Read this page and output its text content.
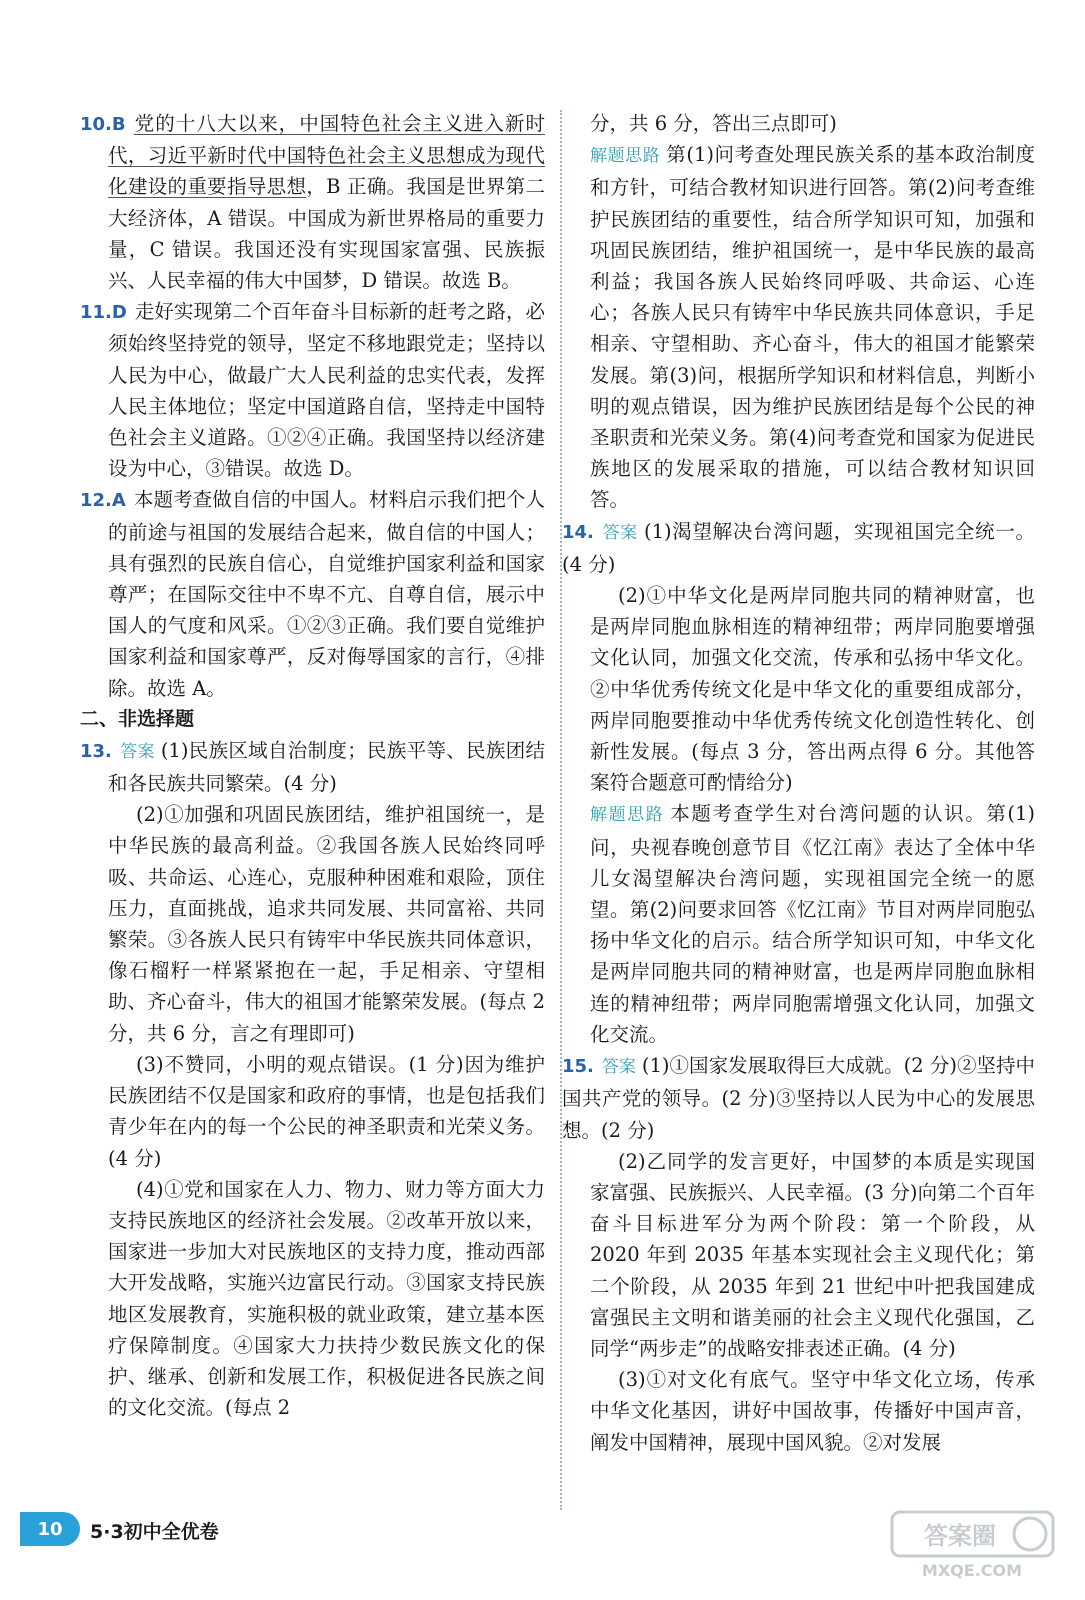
10.B 党的十八大以来，中国特色社会主义进入新时代，习近平新时代中国特色社会主义思想成为现代化建设的重要指导思想，B 正确。我国是世界第二大经济体，A 错误。中国成为新世界格局的重要力量，C 错误。我国还没有实现国家富强、民族振兴、人民幸福的伟大中国梦，D 错误。故选 B。

11.D 走好实现第二个百年奋斗目标新的赶考之路，必须始终坚持党的领导，坚定不移地跟党走；坚持以人民为中心，做最广大人民利益的忠实代表，发挥人民主体地位；坚定中国道路自信，坚持走中国特色社会主义道路。①②④正确。我国坚持以经济建设为中心，③错误。故选 D。

12.A 本题考查做自信的中国人。材料启示我们把个人的前途与祖国的发展结合起来，做自信的中国人；具有强烈的民族自信心，自觉维护国家利益和国家尊严；在国际交往中不卑不亢、自尊自信，展示中国人的气度和风采。①②③正确。我们要自觉维护国家利益和国家尊严，反对侮辱国家的言行，④排除。故选 A。

二、非选择题

13. 答案 (1)民族区域自治制度；民族平等、民族团结和各民族共同繁荣。(4 分)

(2)①加强和巩固民族团结，维护祖国统一，是中华民族的最高利益。②我国各族人民始终同呼吸、共命运、心连心，克服种种困难和艰险，顶住压力，直面挑战，追求共同发展、共同富裕、共同繁荣。③各族人民只有铸牢中华民族共同体意识，像石榴籽一样紧紧抱在一起，手足相亲、守望相助、齐心奋斗，伟大的祖国才能繁荣发展。(每点 2 分，共 6 分，言之有理即可)

(3)不赞同，小明的观点错误。(1 分)因为维护民族团结不仅是国家和政府的事情，也是包括我们青少年在内的每一个公民的神圣职责和光荣义务。(4 分)

(4)①党和国家在人力、物力、财力等方面大力支持民族地区的经济社会发展。②改革开放以来，国家进一步加大对民族地区的支持力度，推动西部大开发战略，实施兴边富民行动。③国家支持民族地区发展教育，实施积极的就业政策，建立基本医疗保障制度。④国家大力扶持少数民族文化的保护、继承、创新和发展工作，积极促进各民族之间的文化交流。(每点 2

分，共 6 分，答出三点即可)

解题思路 第(1)问考查处理民族关系的基本政治制度和方针，可结合教材知识进行回答。第(2)问考查维护民族团结的重要性，结合所学知识可知，加强和巩固民族团结，维护祖国统一，是中华民族的最高利益；我国各族人民始终同呼吸、共命运、心连心；各族人民只有铸牢中华民族共同体意识，手足相亲、守望相助、齐心奋斗，伟大的祖国才能繁荣发展。第(3)问，根据所学知识和材料信息，判断小明的观点错误，因为维护民族团结是每个公民的神圣职责和光荣义务。第(4)问考查党和国家为促进民族地区的发展采取的措施，可以结合教材知识回答。

14. 答案 (1)渴望解决台湾问题，实现祖国完全统一。(4 分)

(2)①中华文化是两岸同胞共同的精神财富，也是两岸同胞血脉相连的精神纽带；两岸同胞要增强文化认同，加强文化交流，传承和弘扬中华文化。②中华优秀传统文化是中华文化的重要组成部分，两岸同胞要推动中华优秀传统文化创造性转化、创新性发展。(每点 3 分，答出两点得 6 分。其他答案符合题意可酌情给分)

解题思路 本题考查学生对台湾问题的认识。第(1)问，央视春晚创意节目《忆江南》表达了全体中华儿女渴望解决台湾问题，实现祖国完全统一的愿望。第(2)问要求回答《忆江南》节目对两岸同胞弘扬中华文化的启示。结合所学知识可知，中华文化是两岸同胞共同的精神财富，也是两岸同胞血脉相连的精神纽带；两岸同胞需增强文化认同，加强文化交流。

15. 答案 (1)①国家发展取得巨大成就。(2 分)②坚持中国共产党的领导。(2 分)③坚持以人民为中心的发展思想。(2 分)

(2)乙同学的发言更好，中国梦的本质是实现国家富强、民族振兴、人民幸福。(3 分)向第二个百年奋斗目标进军分为两个阶段：第一个阶段，从 2020 年到 2035 年基本实现社会主义现代化；第二个阶段，从 2035 年到 21 世纪中叶把我国建成富强民主文明和谐美丽的社会主义现代化强国，乙同学“两步走”的战略安排表述正确。(4 分)

(3)①对文化有底气。坚守中华文化立场，传承中华文化基因，讲好中国故事，传播好中国声音，阐发中国精神，展现中国风貌。②对发展

10	5·3初中全优卷	答案圈
MXQE.COM
